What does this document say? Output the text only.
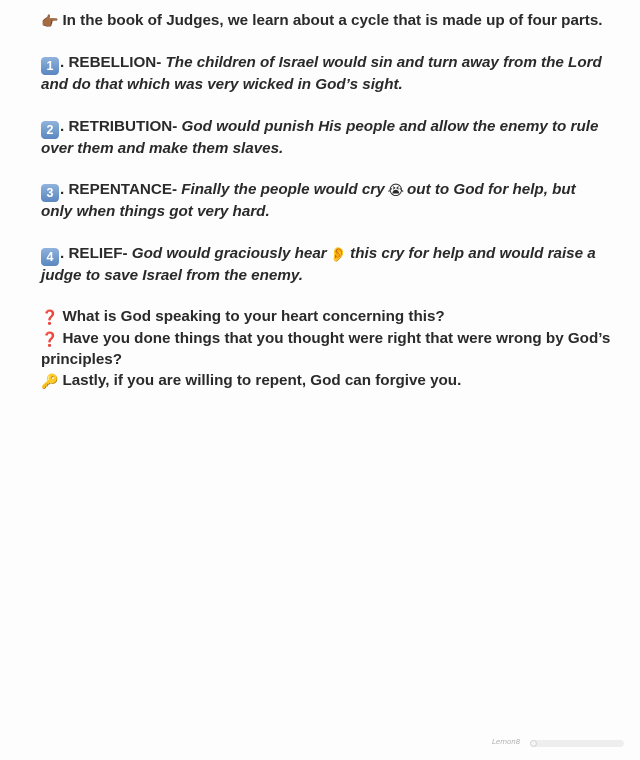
👉🏾 In the book of Judges, we learn about a cycle that is made up of four parts.

1 . REBELLION- The children of Israel would sin and turn away from the Lord and do that which was very wicked in God’s sight.

2 . RETRIBUTION- God would punish His people and allow the enemy to rule over them and make them slaves.

3 . REPENTANCE- Finally the people would cry 😭 out to God for help, but only when things got very hard.

4 . RELIEF- God would graciously hear 👂 this cry for help and would raise a judge to save Israel from the enemy.

❓ What is God speaking to your heart concerning this?

❓ Have you done things that you thought were right that were wrong by God’s principles?

🔑 Lastly, if you are willing to repent, God can forgive you.

Lemon8
